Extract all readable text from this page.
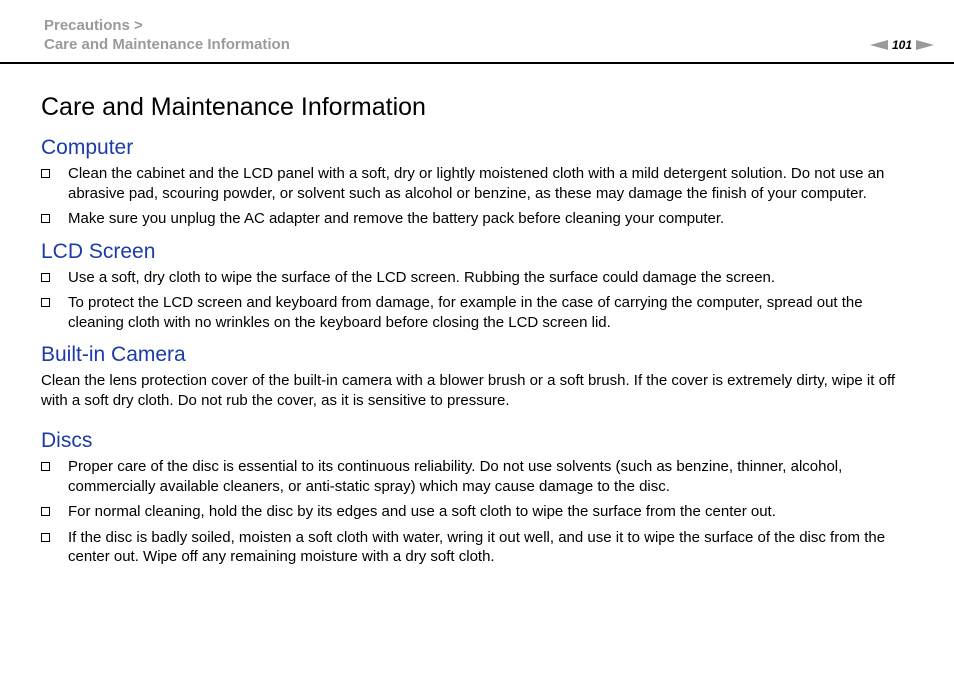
Precautions >
Care and Maintenance Information	101
Care and Maintenance Information
Computer
Clean the cabinet and the LCD panel with a soft, dry or lightly moistened cloth with a mild detergent solution. Do not use an abrasive pad, scouring powder, or solvent such as alcohol or benzine, as these may damage the finish of your computer.
Make sure you unplug the AC adapter and remove the battery pack before cleaning your computer.
LCD Screen
Use a soft, dry cloth to wipe the surface of the LCD screen. Rubbing the surface could damage the screen.
To protect the LCD screen and keyboard from damage, for example in the case of carrying the computer, spread out the cleaning cloth with no wrinkles on the keyboard before closing the LCD screen lid.
Built-in Camera

Clean the lens protection cover of the built-in camera with a blower brush or a soft brush. If the cover is extremely dirty, wipe it off with a soft dry cloth. Do not rub the cover, as it is sensitive to pressure.

Discs
Proper care of the disc is essential to its continuous reliability. Do not use solvents (such as benzine, thinner, alcohol, commercially available cleaners, or anti-static spray) which may cause damage to the disc.
For normal cleaning, hold the disc by its edges and use a soft cloth to wipe the surface from the center out.
If the disc is badly soiled, moisten a soft cloth with water, wring it out well, and use it to wipe the surface of the disc from the center out. Wipe off any remaining moisture with a dry soft cloth.
